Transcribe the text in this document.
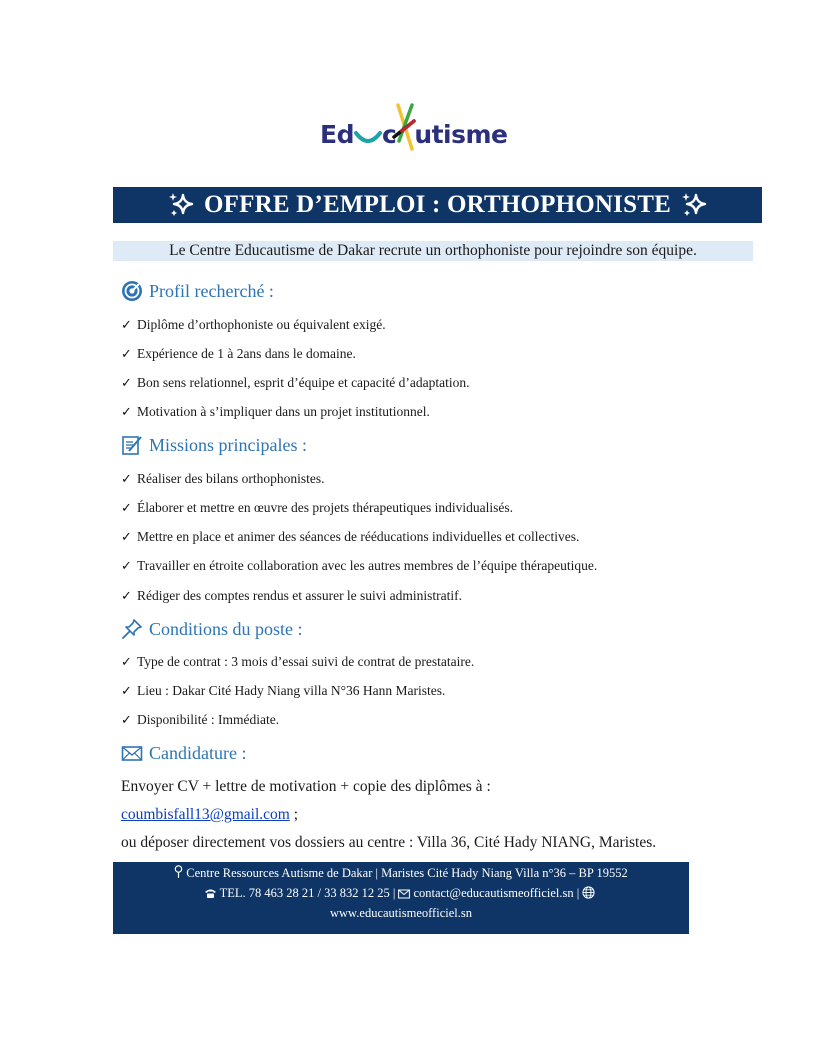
Ed c utisme
OFFRE D’EMPLOI : ORTHOPHONISTE
Le Centre Educautisme de Dakar recrute un orthophoniste pour rejoindre son équipe.
Profil recherché :
✓ Diplôme d’orthophoniste ou équivalent exigé.
✓ Expérience de 1 à 2ans dans le domaine.
✓ Bon sens relationnel, esprit d’équipe et capacité d’adaptation.
✓ Motivation à s’impliquer dans un projet institutionnel.
Missions principales :
✓ Réaliser des bilans orthophonistes.
✓ Élaborer et mettre en œuvre des projets thérapeutiques individualisés.
✓ Mettre en place et animer des séances de rééducations individuelles et collectives.
✓ Travailler en étroite collaboration avec les autres membres de l’équipe thérapeutique.
✓ Rédiger des comptes rendus et assurer le suivi administratif.
Conditions du poste :
✓ Type de contrat : 3 mois d’essai suivi de contrat de prestataire.
✓ Lieu : Dakar Cité Hady Niang villa N°36 Hann Maristes.
✓ Disponibilité : Immédiate.
Candidature :
Envoyer CV + lettre de motivation + copie des diplômes à :
coumbisfall13@gmail.com ;
ou déposer directement vos dossiers au centre : Villa 36, Cité Hady NIANG, Maristes.
Centre Ressources Autisme de Dakar | Maristes Cité Hady Niang Villa n°36 – BP 19552
TEL. 78 463 28 21 / 33 832 12 25 | contact@educautismeofficiel.sn |
www.educautismeofficiel.sn
